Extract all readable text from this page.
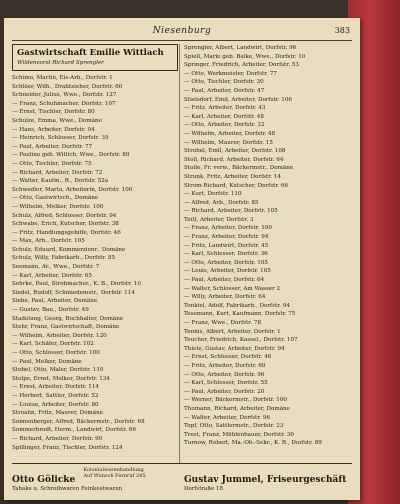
Niesenburg	383
Gastwirtschaft Emilie Wittlach
Wildenvorst Richard Sprengler
Schimo, Martin, Eis-Arb., Dorfstr. 1
Schlöer, Wilh., Drahtzieher, Dorfstr. 60
Schneider, Julius, Wwe., Dorfstr. 127
— Franz, Schuhmacher, Dorfstr. 107
— Ernst, Tischler, Dorfstr. 80
Schulze, Emma, Wwe., Domäne
— Hans, Arbeiter, Dorfstr. 94
— Heinrich, Schlosser, Dorfstr. 39
— Paul, Arbeiter, Dorfstr. 77
— Pauline geb. Witlich, Wwe., Dorfstr. 80
— Otto, Tischler, Dorfstr. 75
— Richard, Arbeiter, Dorfstr. 72
— Walter, Kaufm., R., Dorfstr. 52a
Schwedler, Marta, Arbeiterin, Dorfstr. 100
— Otto, Gastwirtsch., Domäne
— Wilhelm, Melker, Dorfstr. 100
Schulz, Alfred, Schlosser, Dorfstr. 94
Schwabe, Erich, Kutscher, Dorfstr. 38
— Fritz, Handlungsgehilfe, Dorfstr. 46
— Max, Arb., Dorfstr. 105
Schulz, Eduard, Kommerzienr., Domäne
Schulz, Willy, Fabrikarb., Dorfstr. 85
Seemann, Ar., Wwe., Dorfstr. 7
— Karl, Arbeiter, Dorfstr. 65
Sehrke, Paul, Strohmacher., K. B., Dorfstr. 10
Siedel, Rudolf, Schmiedemstr., Dorfstr. 114
Siehe, Paul, Arbeiter, Domäne
— Gustav, Bau., Dorfstr. 49
Stadelung, Georg, Buchhalter, Domäne
Stehr, Franz, Gastwirtschaft, Domäne
— Wilhelm, Arbeiter, Dorfstr. 120
— Karl, Schäfer, Dorfstr. 102
— Otto, Schlosser, Dorfstr. 100
— Paul, Melker, Domäne
Stobel, Otto, Maler, Dorfstr. 110
Stolpe, Ernst, Melker, Dorfstr. 134
— Ernst, Arbeiter, Dorfstr. 114
— Herbert, Sattler, Dorfstr. 52
— Louise, Arbeiter, Dorfstr. 80
Stroahn, Fritz, Maurer, Domäne
Sonnenberger, Alfred, Bäckermstr., Dorfstr. 68
Sommerbrodt, Herm., Landwirt, Dorfstr. 66
— Richard, Arbeiter, Dorfstr. 90
Spillinger, Franz, Tischler, Dorfstr. 124
Sprengler, Albert, Landwirt, Dorfstr. 96
Spiell, Marie geb. Balke, Wwe., Dorfstr. 10
Springer, Friedrich, Arbeiter, Dorfstr. 53
— Otto, Werkmeister, Dorfstr. 77
— Otto, Tischler, Dorfstr. 30
— Paul, Arbeiter, Dorfstr. 47
Stielsdorf, Emil, Arbeiter, Dorfstr. 106
— Fritz, Arbeiter, Dorfstr. 43
— Karl, Arbeiter, Dorfstr. 48
— Otto, Arbeiter, Dorfstr. 32
— Wilhelm, Arbeiter, Dorfstr. 48
— Wilhelm, Maurer, Dorfstr. 15
Strobel, Emil, Arbeiter, Dorfstr. 108
Stoll, Richard, Arbeiter, Dorfstr. 64
Stolle, Fr. verw., Bäckermstr., Domäne
Strunk, Fritz, Arbeiter, Dorfstr. 14
Strom-Richard, Kutscher, Dorfstr. 66
— Kurt, Dorfstr. 110
— Alfred, Arb., Dorfstr. 85
— Richard, Arbeiter, Dorfstr. 105
Teitl, Arbeiter, Dorfstr. 3
— Franz, Arbeiter, Dorfstr. 100
— Franz, Arbeiter, Dorfstr. 94
— Fritz, Landwirt, Dorfstr. 45
— Karl, Schlosser, Dorfstr. 36
— Otto, Arbeiter, Dorfstr. 105
— Louis, Arbeiter, Dorfstr. 105
— Paul, Arbeiter, Dorfstr. 64
— Walter, Schlosser, Am Wasser 2
— Willy, Arbeiter, Dorfstr. 64
Tonkiel, Adolf, Fabrikarb., Dorfstr. 94
Tesemann, Kurt, Kaufmann, Dorfstr. 75
— Franz, Wwe., Dorfstr. 78
Tennis, Albert, Arbeiter, Dorfstr. 1
Teucher, Friedrich, Kassel., Dorfstr. 107
Thiele, Gustav, Arbeiter, Dorfstr. 94
— Ernst, Schlosser, Dorfstr. 46
— Fritz, Arbeiter, Dorfstr. 60
— Otto, Arbeiter, Dorfstr. 96
— Karl, Schlosser, Dorfstr. 55
— Paul, Arbeiter, Dorfstr. 20
— Werner, Bäckermstr., Dorfstr. 100
Thomann, Richard, Arbeiter, Domäne
— Walter, Arbeiter, Dorfstr. 96
Topf, Otto, Sattlermstr., Dorfstr. 23
Trost, Franz, Mühlenbauer, Dorfstr. 30
Turnow, Robert, Ma.-Ob.-Sekr., K. R., Dorfstr. 89
Otto Gölicke Kolonialwarenhandlung
Auf Wunsch Fernruf 245
Tabaks u. Schreibwaren Feinkostwaren
Gustav Jummel, Friseurgeschäft
Dorfstraße 18
